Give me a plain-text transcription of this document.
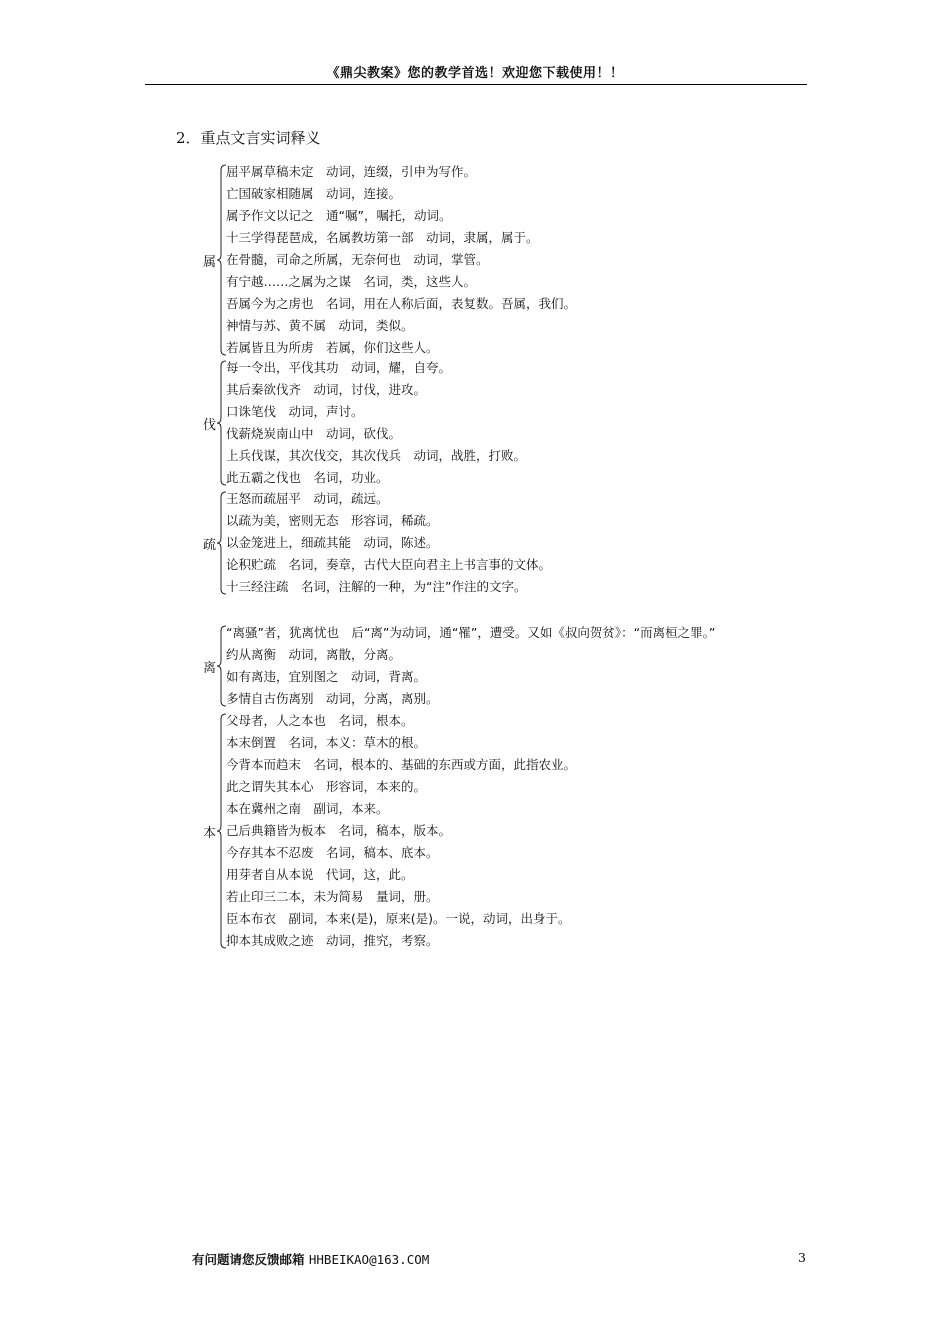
《鼎尖教案》您的教学首选！欢迎您下载使用！！
2．重点文言实词释义
属
屈平属草稿未定　动词，连缀，引申为写作。
亡国破家相随属　动词，连接。
属予作文以记之　通“嘱”，嘱托，动词。
十三学得琵琶成，名属教坊第一部　动词，隶属，属于。
在骨髓，司命之所属，无奈何也　动词，掌管。
有宁越……之属为之谋　名词，类，这些人。
吾属今为之虏也　名词，用在人称后面，表复数。吾属，我们。
神情与苏、黄不属　动词，类似。
若属皆且为所虏　若属，你们这些人。
伐
每一令出，平伐其功　动词，耀，自夸。
其后秦欲伐齐　动词，讨伐，进攻。
口诛笔伐　动词，声讨。
伐薪烧炭南山中　动词，砍伐。
上兵伐谋，其次伐交，其次伐兵　动词，战胜，打败。
此五霸之伐也　名词，功业。
疏
王怒而疏屈平　动词，疏远。
以疏为美，密则无态　形容词，稀疏。
以金笼进上，细疏其能　动词，陈述。
论积贮疏　名词，奏章，古代大臣向君主上书言事的文体。
十三经注疏　名词，注解的一种，为“注”作注的文字。
离
“离骚”者，犹离忧也　后“离”为动词，通“罹”，遭受。又如《叔向贺贫》：“而离桓之罪。”
约从离衡　动词，离散，分离。
如有离违，宜别图之　动词，背离。
多情自古伤离别　动词，分离，离别。
本
父母者，人之本也　名词，根本。
本末倒置　名词，本义：草木的根。
今背本而趋末　名词，根本的、基础的东西或方面，此指农业。
此之谓失其本心　形容词，本来的。
本在冀州之南　副词，本来。
己后典籍皆为板本　名词，稿本，版本。
今存其本不忍废　名词，稿本、底本。
用芽者自从本说　代词，这，此。
若止印三二本，未为简易　量词，册。
臣本布衣　副词，本来(是)，原来(是)。一说，动词，出身于。
抑本其成败之迹　动词，推究，考察。
有问题请您反馈邮箱 HHBEIKAO@163.COM	3
